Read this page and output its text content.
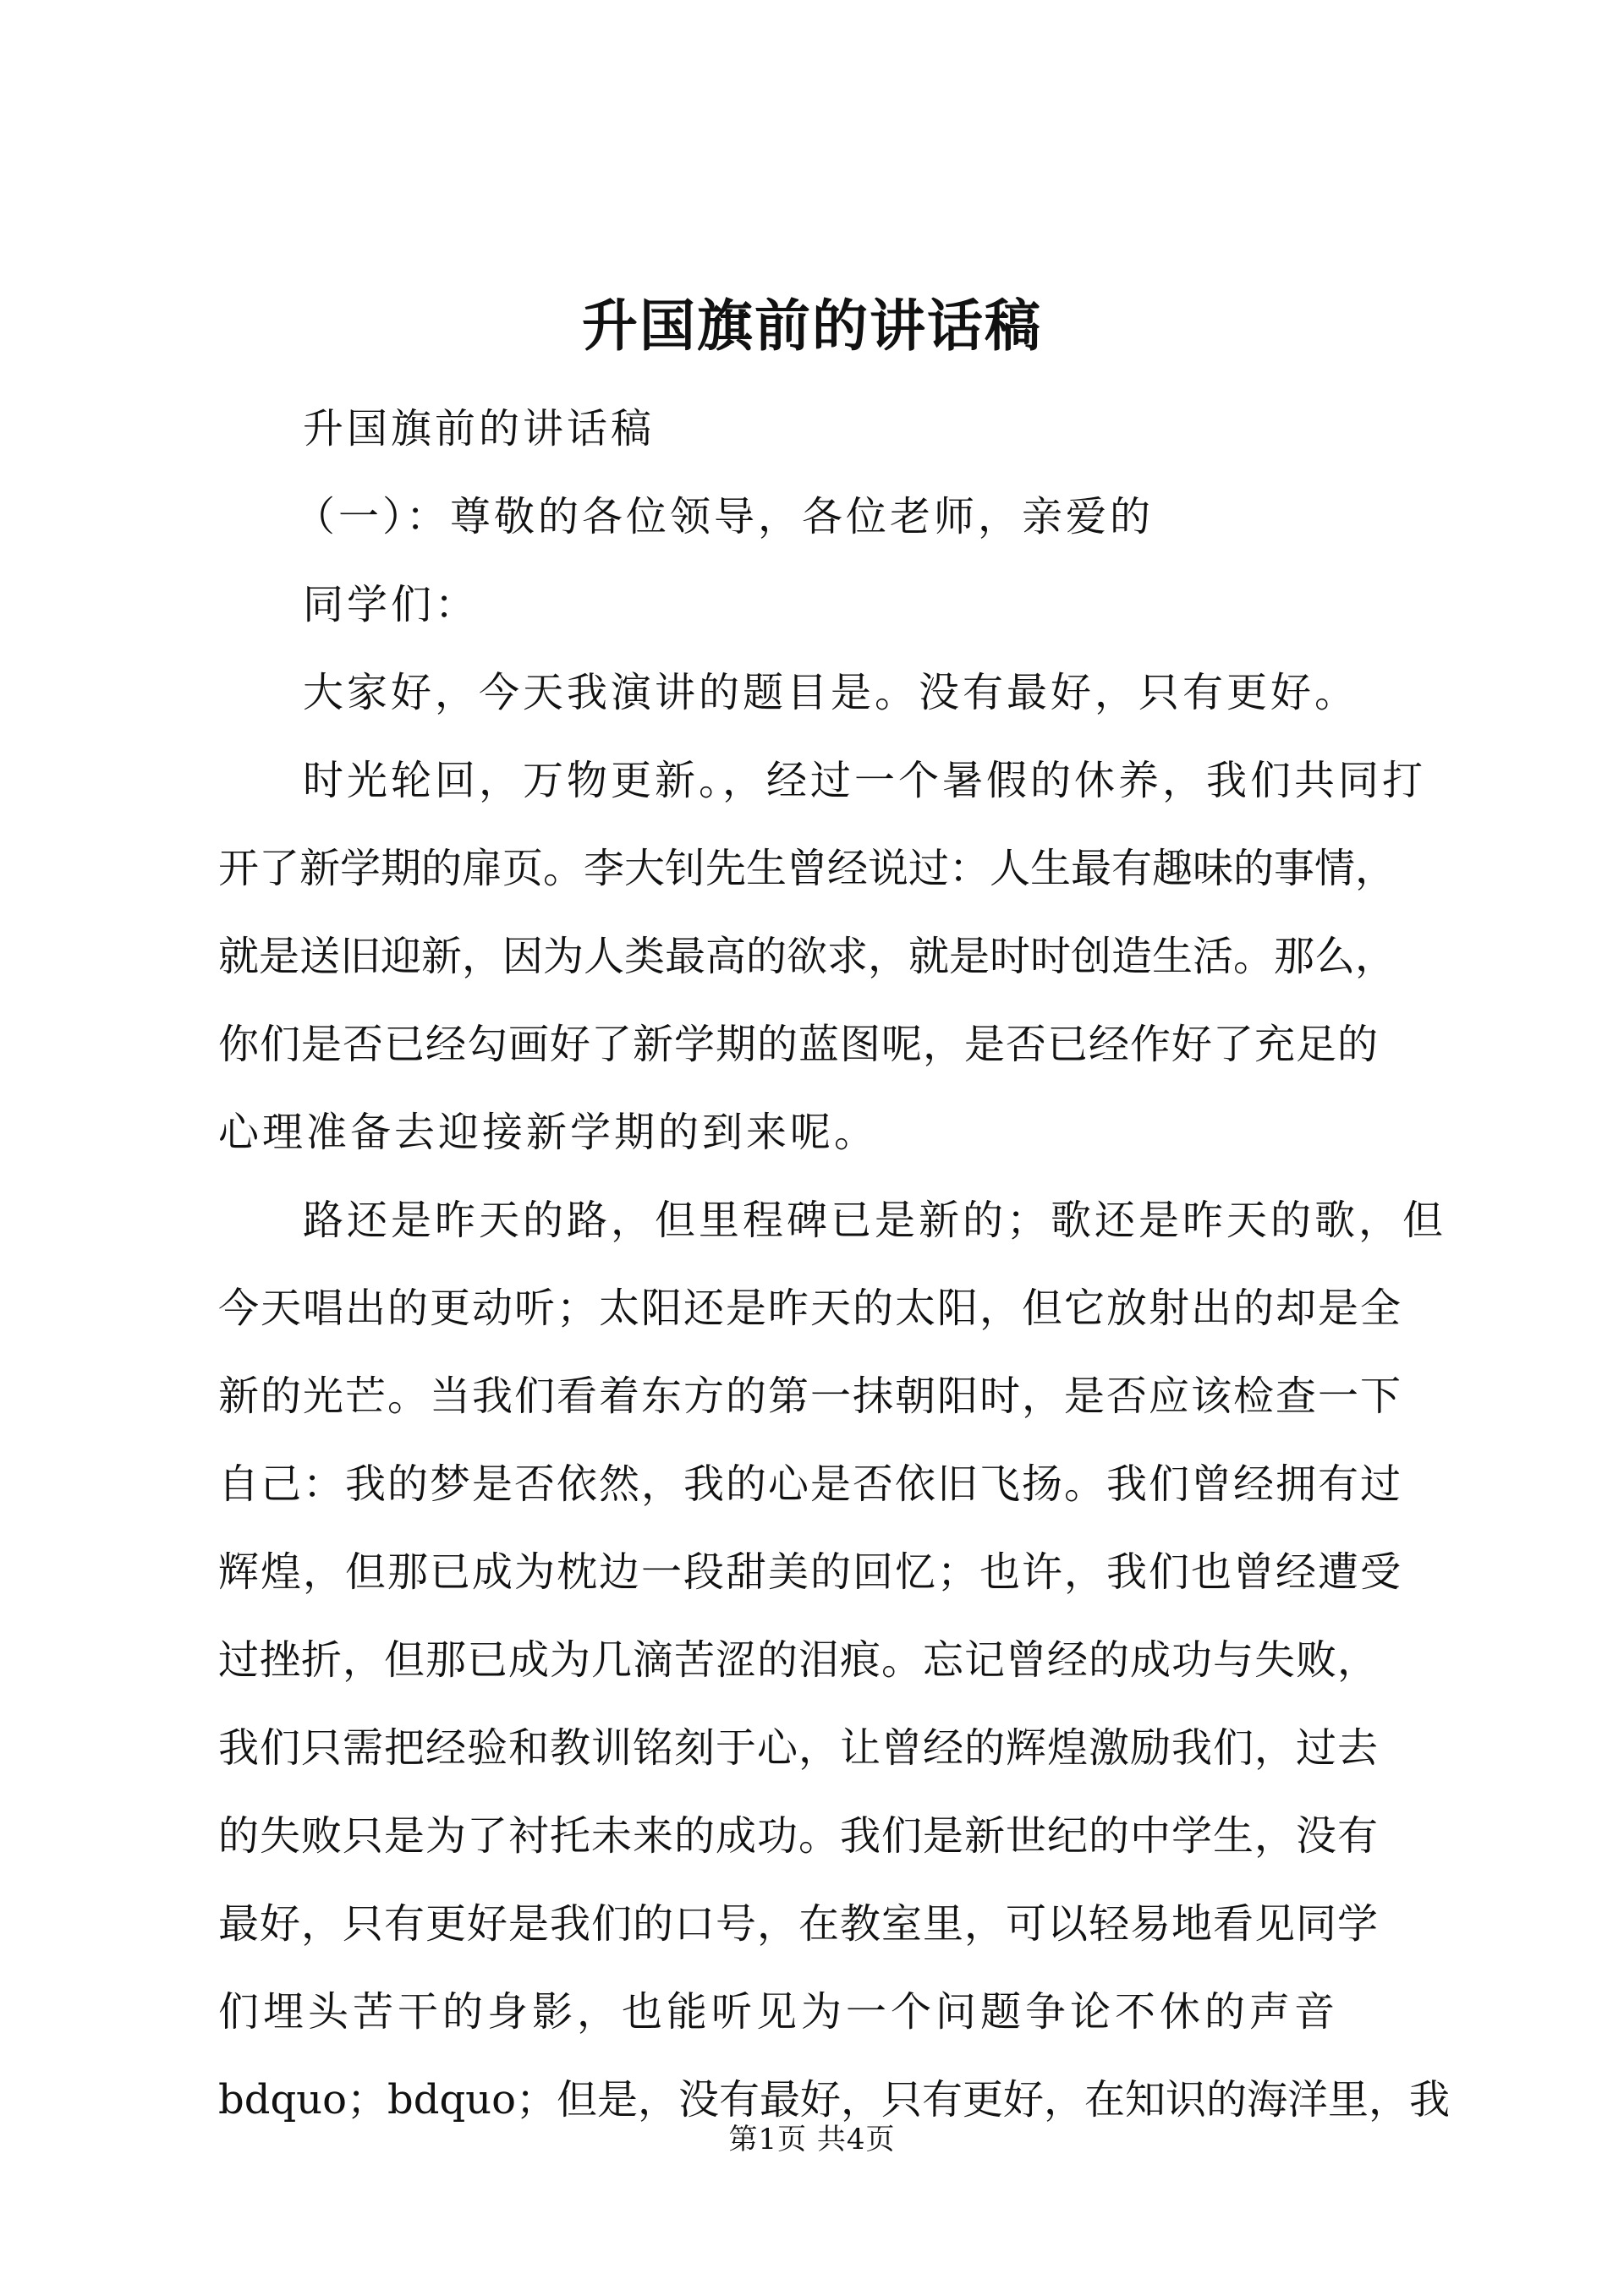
升国旗前的讲话稿
升国旗前的讲话稿
（一）：尊敬的各位领导，各位老师，亲爱的
同学们：
大家好，今天我演讲的题目是。没有最好，只有更好。
时光轮回，万物更新。，经过一个暑假的休养，我们共同打
开了新学期的扉页。李大钊先生曾经说过：人生最有趣味的事情，
就是送旧迎新，因为人类最高的欲求，就是时时创造生活。那么，
你们是否已经勾画好了新学期的蓝图呢，是否已经作好了充足的
心理准备去迎接新学期的到来呢。
路还是昨天的路，但里程碑已是新的；歌还是昨天的歌，但
今天唱出的更动听；太阳还是昨天的太阳，但它放射出的却是全
新的光芒。当我们看着东方的第一抹朝阳时，是否应该检查一下
自己：我的梦是否依然，我的心是否依旧飞扬。我们曾经拥有过
辉煌，但那已成为枕边一段甜美的回忆；也许，我们也曾经遭受
过挫折，但那已成为几滴苦涩的泪痕。忘记曾经的成功与失败，
我们只需把经验和教训铭刻于心，让曾经的辉煌激励我们，过去
的失败只是为了衬托未来的成功。我们是新世纪的中学生，没有
最好，只有更好是我们的口号，在教室里，可以轻易地看见同学
们埋头苦干的身影，也能听见为一个问题争论不休的声音
bdquo；bdquo；但是，没有最好，只有更好，在知识的海洋里，我
第1页 共4页
